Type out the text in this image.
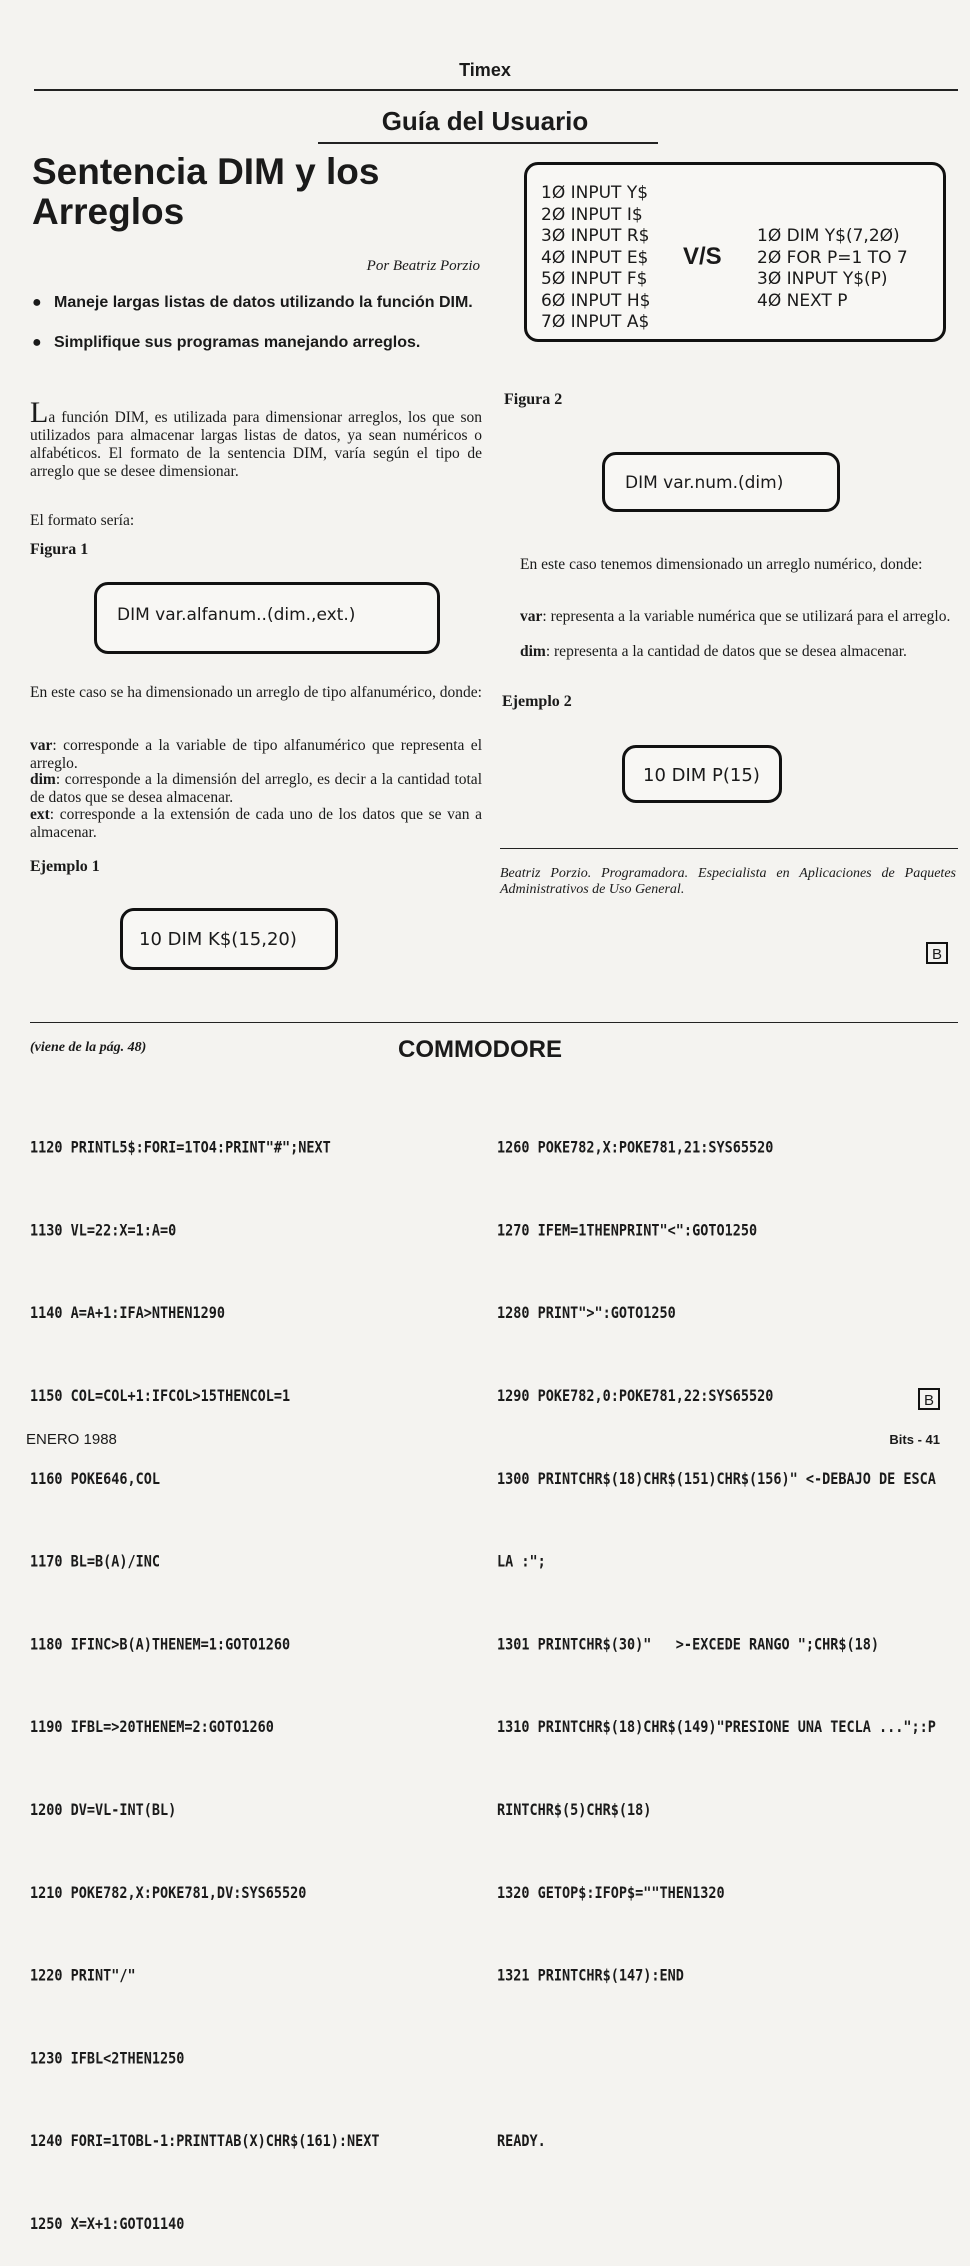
Timex
Guía del Usuario
Sentencia DIM y los
Arreglos
Por Beatriz Porzio
● Maneje largas listas de datos utilizando la función DIM.
● Simplifique sus programas manejando arreglos.
La función DIM, es utilizada para dimensionar arreglos, los que son utilizados para almacenar largas listas de datos, ya sean numéricos o alfabéticos. El formato de la sentencia DIM, varía según el tipo de arreglo que se desee dimensionar.
El formato sería:
Figura 1
DIM var.alfanum..(dim.,ext.)
En este caso se ha dimensionado un arreglo de tipo alfanumérico, donde:
var: corresponde a la variable de tipo alfanumérico que representa el arreglo.
dim: corresponde a la dimensión del arreglo, es decir a la cantidad total de datos que se desea almacenar.
ext: corresponde a la extensión de cada uno de los datos que se van a almacenar.
Ejemplo 1
10 DIM K$(15,20)
1Ø INPUT Y$
2Ø INPUT I$
3Ø INPUT R$
4Ø INPUT E$
5Ø INPUT F$
6Ø INPUT H$
7Ø INPUT A$
V/S
1Ø DIM Y$(7,2Ø)
2Ø FOR P=1 TO 7
3Ø INPUT Y$(P)
4Ø NEXT P
Figura 2
DIM var.num.(dim)
En este caso tenemos dimensionado un arreglo numérico, donde:
var: representa a la variable numérica que se utilizará para el arreglo.
dim: representa a la cantidad de datos que se desea almacenar.
Ejemplo 2
10 DIM P(15)
Beatriz Porzio. Programadora. Especialista en Aplicaciones de Paquetes Administrativos de Uso General.
B
(viene de la pág. 48)	COMMODORE

1120 PRINTL5$:FORI=1TO4:PRINT"#";NEXT

1130 VL=22:X=1:A=0

1140 A=A+1:IFA>NTHEN1290

1150 COL=COL+1:IFCOL>15THENCOL=1

1160 POKE646,COL

1170 BL=B(A)/INC

1180 IFINC>B(A)THENEM=1:GOTO1260

1190 IFBL=>20THENEM=2:GOTO1260

1200 DV=VL-INT(BL)

1210 POKE782,X:POKE781,DV:SYS65520

1220 PRINT"/"

1230 IFBL<2THEN1250

1240 FORI=1TOBL-1:PRINTTAB(X)CHR$(161):NEXT

1250 X=X+1:GOTO1140

1260 POKE782,X:POKE781,21:SYS65520

1270 IFEM=1THENPRINT"<":GOTO1250

1280 PRINT">":GOTO1250

1290 POKE782,0:POKE781,22:SYS65520

1300 PRINTCHR$(18)CHR$(151)CHR$(156)" <-DEBAJO DE ESCA

LA :";

1301 PRINTCHR$(30)"   >-EXCEDE RANGO ";CHR$(18)

1310 PRINTCHR$(18)CHR$(149)"PRESIONE UNA TECLA ...";:P

RINTCHR$(5)CHR$(18)

1320 GETOP$:IFOP$=""THEN1320

1321 PRINTCHR$(147):END

READY.

B
ENERO 1988	Bits - 41
